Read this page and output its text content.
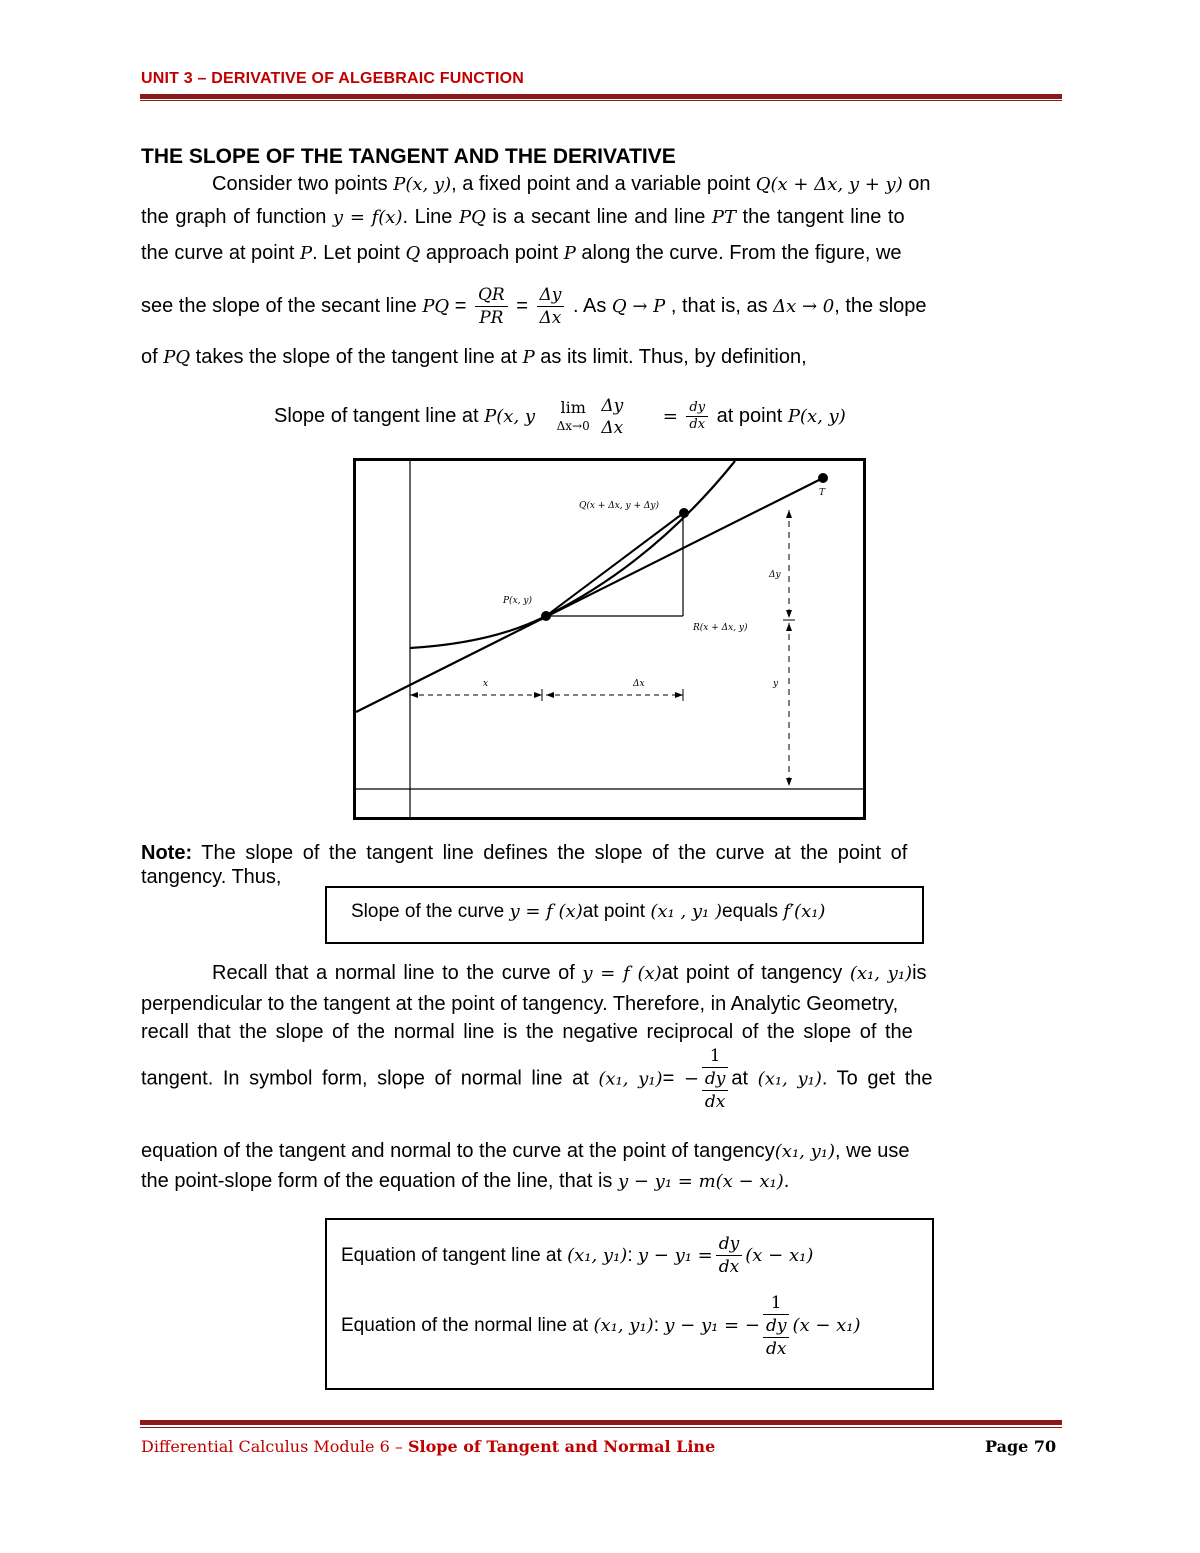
UNIT 3 – DERIVATIVE OF ALGEBRAIC FUNCTION
THE SLOPE OF THE TANGENT AND THE DERIVATIVE
Consider two points P(x, y), a fixed point and a variable point Q(x + Δx, y + y) on
the graph of function y = f(x). Line PQ is a secant line and line PT the tangent line to
the curve at point P. Let point Q approach point P along the curve. From the figure, we
see the slope of the secant line PQ = $\frac{QR}{PR} = \frac{\Delta y}{\Delta x}$ . As Q → P , that is, as Δx → 0, the slope
of PQ takes the slope of the tangent line at P as its limit. Thus, by definition,
Slope of tangent line at P(x, y lim
Δx→0

Δy
Δx
= $\frac{dy}{dx}$ at point P(x, y)
Q(x + Δx, y + Δy)
T
P(x, y)
Δy
R(x + Δx, y)
x	Δx	y
Note: The slope of the tangent line defines the slope of the curve at the point of
tangency. Thus,
Slope of the curve y = f (x)at point (x₁ , y₁ )equals f′(x₁)
Recall that a normal line to the curve of y = f (x)at point of tangency (x₁, y₁)is
perpendicular to the tangent at the point of tangency. Therefore, in Analytic Geometry,
recall that the slope of the normal line is the negative reciprocal of the slope of the
tangent. In symbol form, slope of normal line at (x₁, y₁)= −
1
dy
dx
at (x₁, y₁). To get the
equation of the tangent and normal to the curve at the point of tangency(x₁, y₁), we use
the point-slope form of the equation of the line, that is y − y₁ = m(x − x₁).
Equation of tangent line at (x₁, y₁): $y - y_1 = \frac{dy}{dx} (x - x_1)$
Equation of the normal line at (x₁, y₁): y − y₁ = −
1
dy
dx
(x − x₁)
Differential Calculus Module 6 – Slope of Tangent and Normal Line	Page 70
